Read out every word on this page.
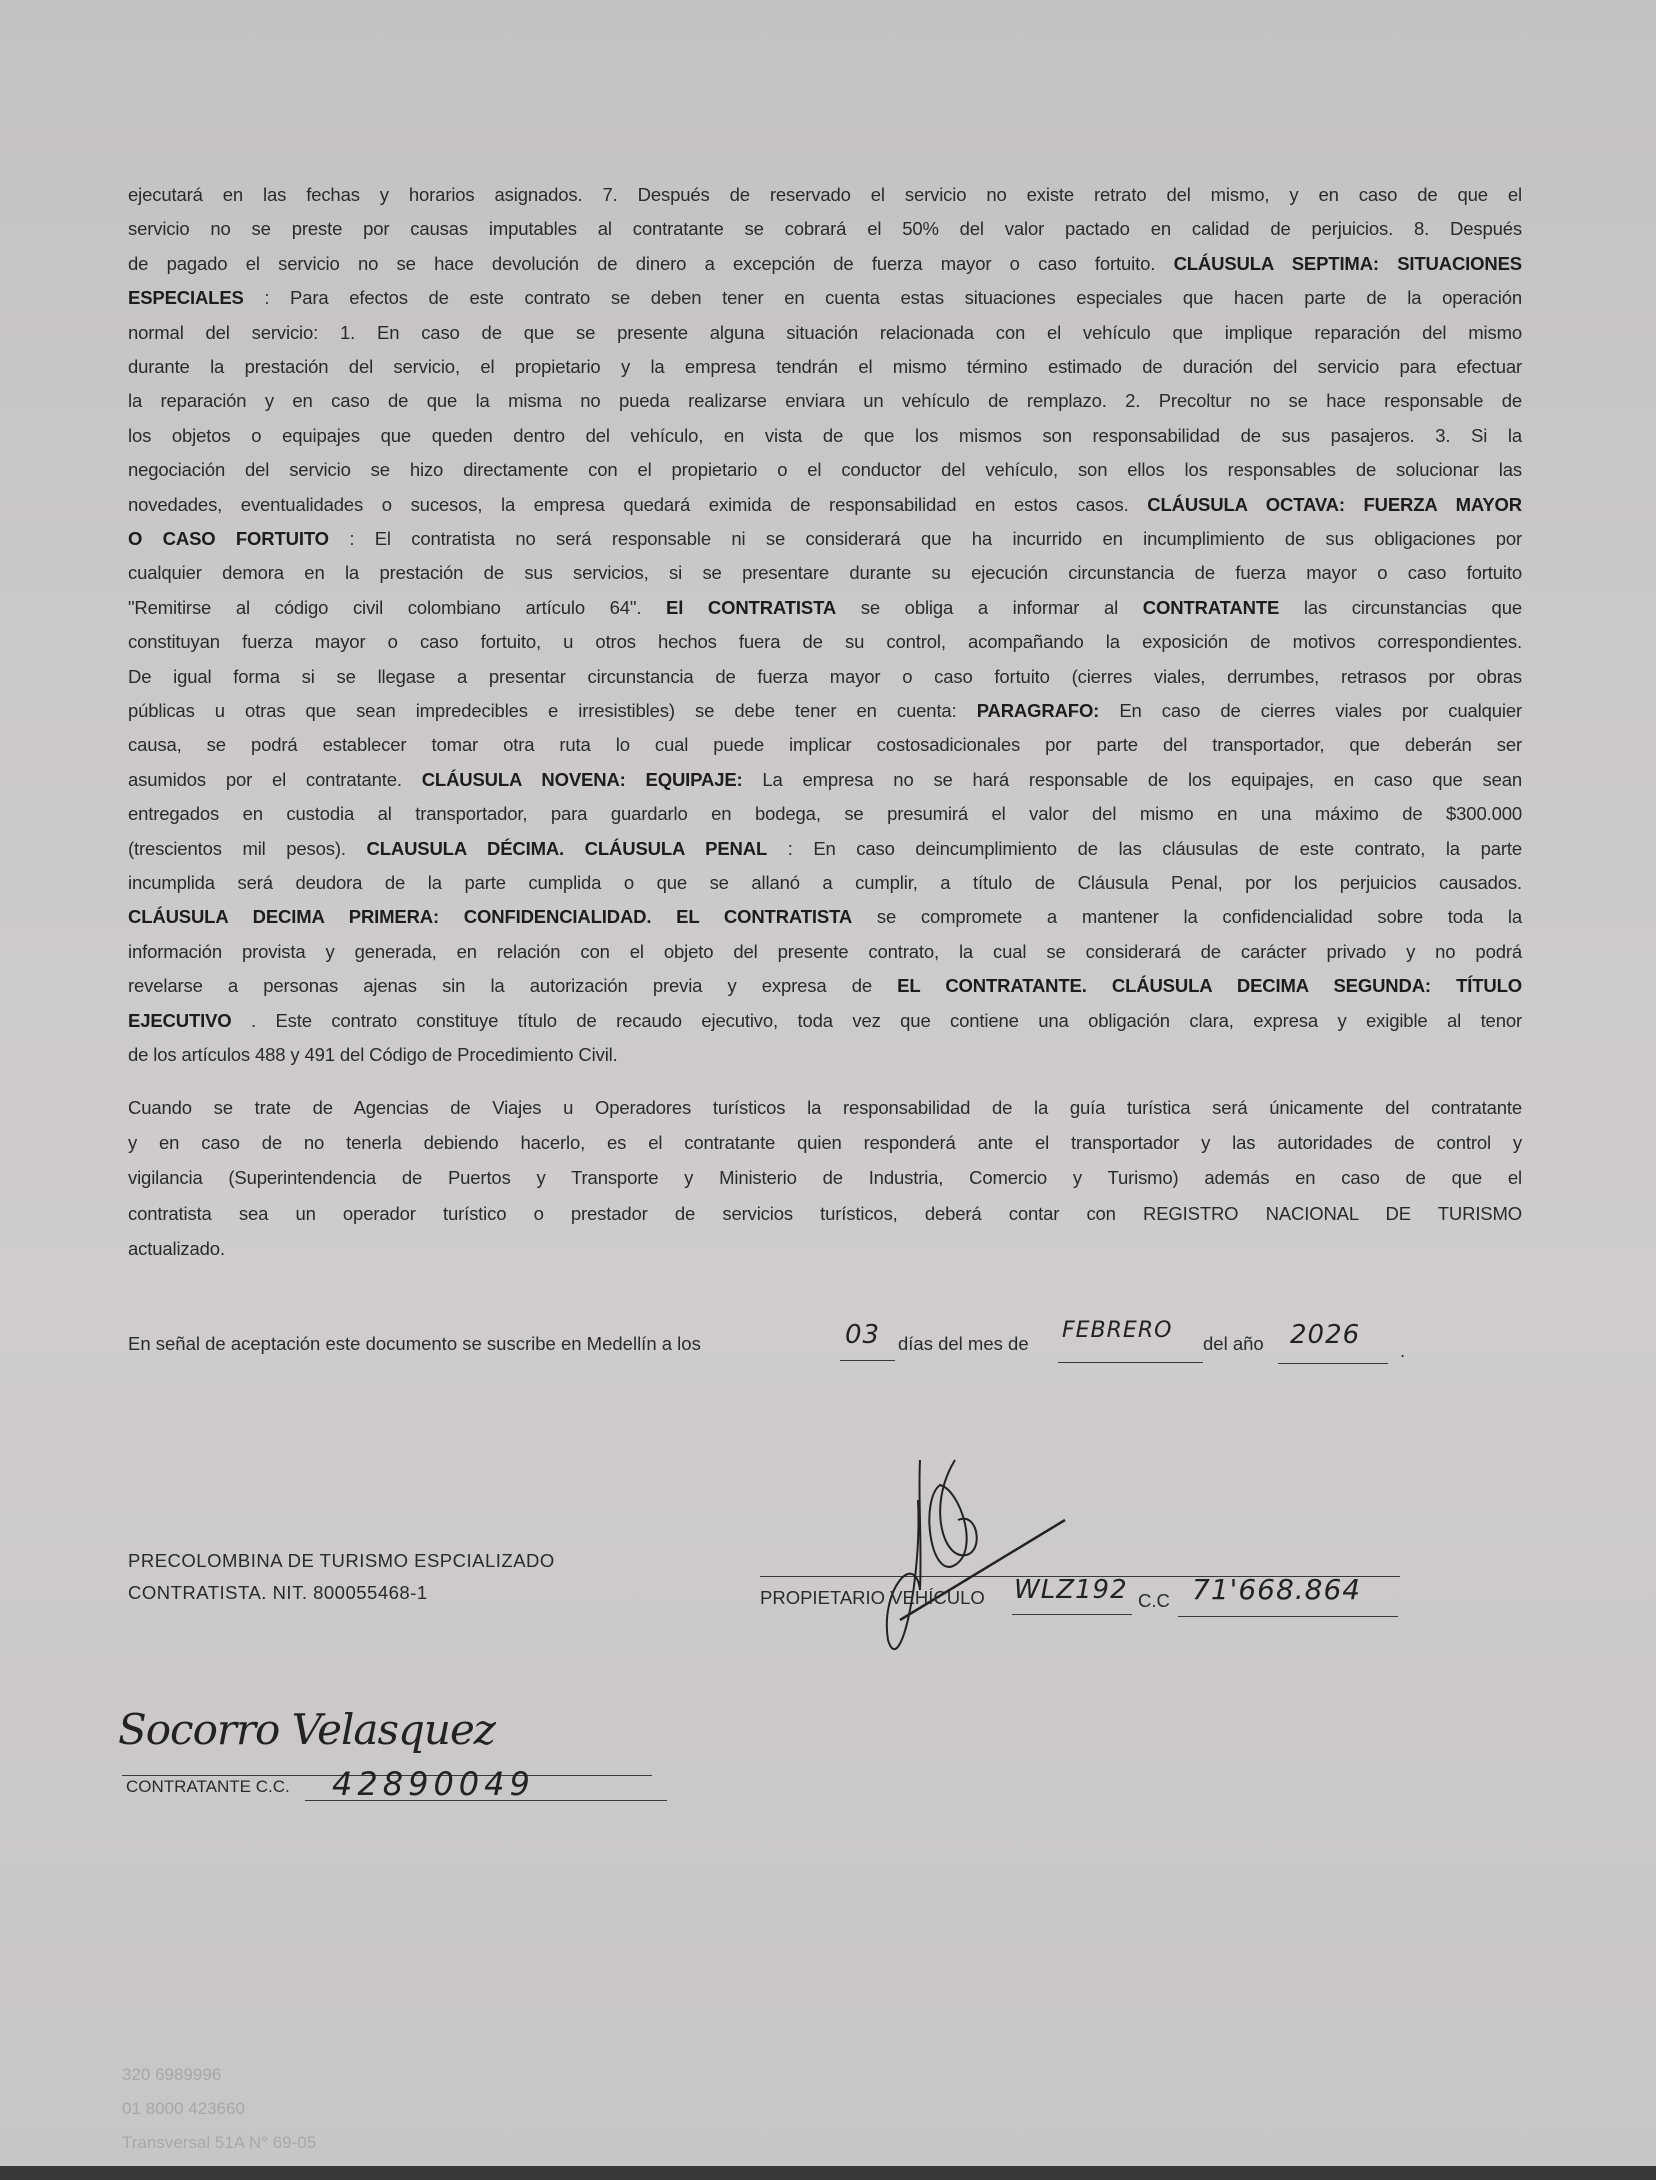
ejecutará en las fechas y horarios asignados. 7. Después de reservado el servicio no existe retrato del mismo, y en caso de que el
servicio no se preste por causas imputables al contratante se cobrará el 50% del valor pactado en calidad de perjuicios. 8. Después
de pagado el servicio no se hace devolución de dinero a excepción de fuerza mayor o caso fortuito. CLÁUSULA SEPTIMA: SITUACIONES
ESPECIALES : Para efectos de este contrato se deben tener en cuenta estas situaciones especiales que hacen parte de la operación
normal del servicio: 1. En caso de que se presente alguna situación relacionada con el vehículo que implique reparación del mismo
durante la prestación del servicio, el propietario y la empresa tendrán el mismo término estimado de duración del servicio para efectuar
la reparación y en caso de que la misma no pueda realizarse enviara un vehículo de remplazo. 2. Precoltur no se hace responsable de
los objetos o equipajes que queden dentro del vehículo, en vista de que los mismos son responsabilidad de sus pasajeros. 3. Si la
negociación del servicio se hizo directamente con el propietario o el conductor del vehículo, son ellos los responsables de solucionar las
novedades, eventualidades o sucesos, la empresa quedará eximida de responsabilidad en estos casos. CLÁUSULA OCTAVA: FUERZA MAYOR
O CASO FORTUITO : El contratista no será responsable ni se considerará que ha incurrido en incumplimiento de sus obligaciones por
cualquier demora en la prestación de sus servicios, si se presentare durante su ejecución circunstancia de fuerza mayor o caso fortuito
"Remitirse al código civil colombiano artículo 64". El CONTRATISTA se obliga a informar al CONTRATANTE las circunstancias que
constituyan fuerza mayor o caso fortuito, u otros hechos fuera de su control, acompañando la exposición de motivos correspondientes.
De igual forma si se llegase a presentar circunstancia de fuerza mayor o caso fortuito (cierres viales, derrumbes, retrasos por obras
públicas u otras que sean impredecibles e irresistibles) se debe tener en cuenta: PARAGRAFO: En caso de cierres viales por cualquier
causa, se podrá establecer tomar otra ruta lo cual puede implicar costosadicionales por parte del transportador, que deberán ser
asumidos por el contratante. CLÁUSULA NOVENA: EQUIPAJE: La empresa no se hará responsable de los equipajes, en caso que sean
entregados en custodia al transportador, para guardarlo en bodega, se presumirá el valor del mismo en una máximo de $300.000
(trescientos mil pesos). CLAUSULA DÉCIMA. CLÁUSULA PENAL : En caso deincumplimiento de las cláusulas de este contrato, la parte
incumplida será deudora de la parte cumplida o que se allanó a cumplir, a título de Cláusula Penal, por los perjuicios causados.
CLÁUSULA DECIMA PRIMERA: CONFIDENCIALIDAD. EL CONTRATISTA se compromete a mantener la confidencialidad sobre toda la
información provista y generada, en relación con el objeto del presente contrato, la cual se considerará de carácter privado y no podrá
revelarse a personas ajenas sin la autorización previa y expresa de EL CONTRATANTE. CLÁUSULA DECIMA SEGUNDA: TÍTULO
EJECUTIVO . Este contrato constituye título de recaudo ejecutivo, toda vez que contiene una obligación clara, expresa y exigible al tenor
de los artículos 488 y 491 del Código de Procedimiento Civil.
Cuando se trate de Agencias de Viajes u Operadores turísticos la responsabilidad de la guía turística será únicamente del contratante
y en caso de no tenerla debiendo hacerlo, es el contratante quien responderá ante el transportador y las autoridades de control y
vigilancia (Superintendencia de Puertos y Transporte y Ministerio de Industria, Comercio y Turismo) además en caso de que el
contratista sea un operador turístico o prestador de servicios turísticos, deberá contar con REGISTRO NACIONAL DE TURISMO
actualizado.
En señal de aceptación este documento se suscribe en Medellín a los	03 días del mes de
FEBRERO
del año 2026
.
PRECOLOMBINA DE TURISMO ESPCIALIZADO
CONTRATISTA. NIT. 800055468-1	PROPIETARIO VEHÍCULO WLZ192 C.C 71'668.864
Socorro Velasquez
CONTRATANTE C.C. 42890049
320 6989996
01 8000 423660
Transversal 51A N° 69-05
